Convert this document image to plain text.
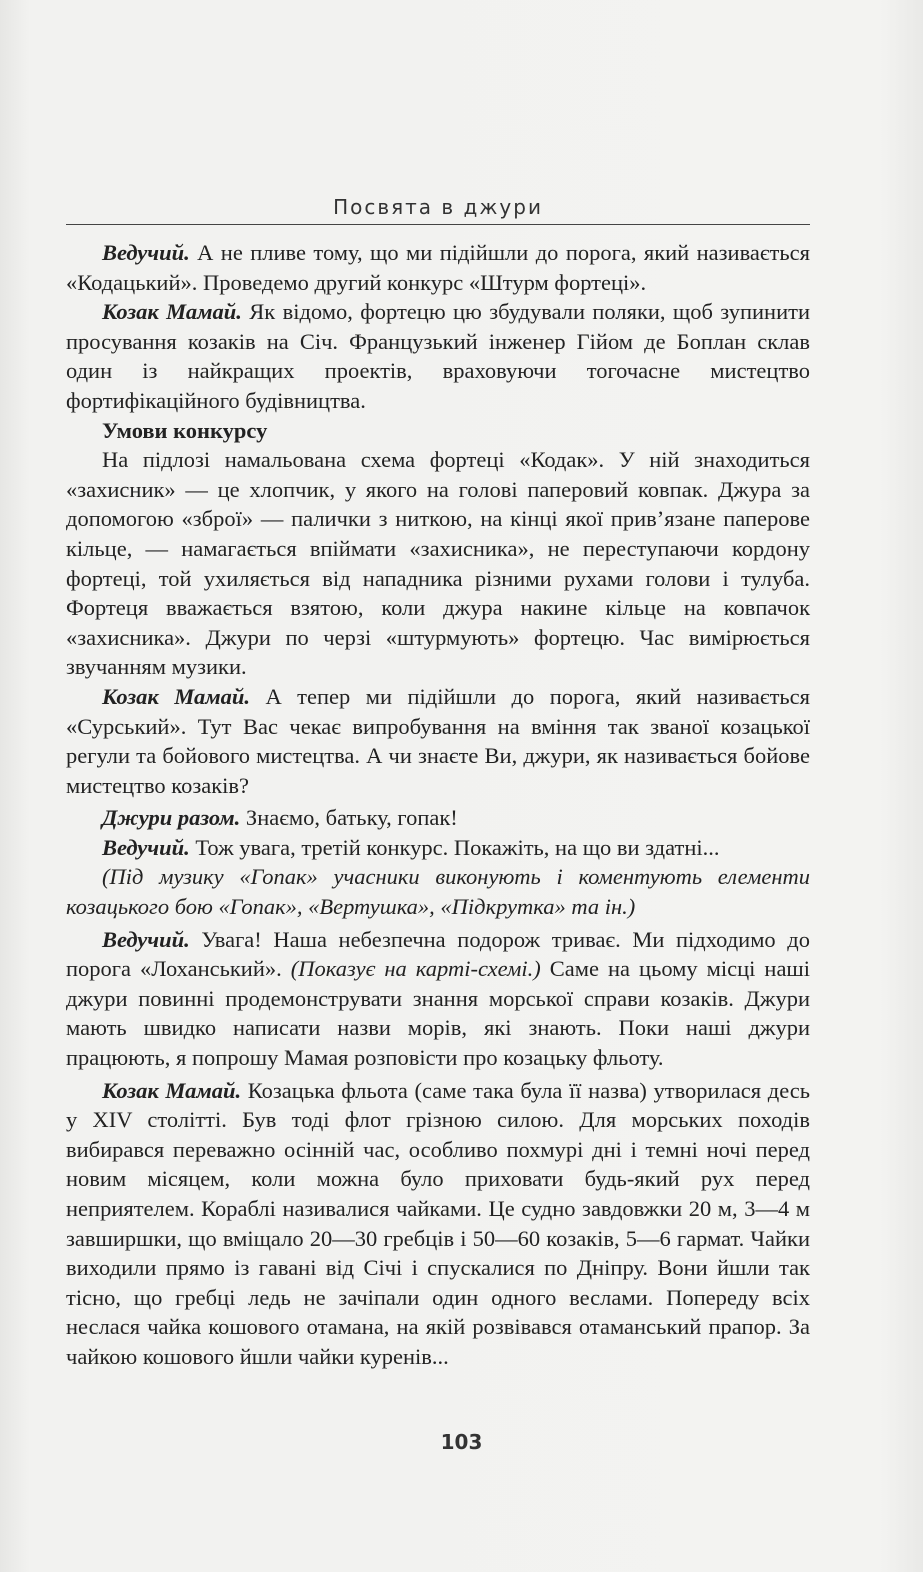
Посвята в джури

Ведучий. А не пливе тому, що ми підійшли до порога, який називається «Кодацький». Проведемо другий конкурс «Штурм фортеці».

Козак Мамай. Як відомо, фортецю цю збудували поляки, щоб зупинити просування козаків на Січ. Французький інженер Гійом де Боплан склав один із найкращих проектів, враховуючи тогочасне мистецтво фортифікаційного будівництва.

Умови конкурсу

На підлозі намальована схема фортеці «Кодак». У ній знаходиться «захисник» — це хлопчик, у якого на голові паперовий ковпак. Джура за допомогою «зброї» — палички з ниткою, на кінці якої прив’язане паперове кільце, — намагається впіймати «захисника», не переступаючи кордону фортеці, той ухиляється від нападника різними рухами голови і тулуба. Фортеця вважається взятою, коли джура накине кільце на ковпачок «захисника». Джури по черзі «штурмують» фортецю. Час вимірюється звучанням музики.

Козак Мамай. А тепер ми підійшли до порога, який називається «Сурський». Тут Вас чекає випробування на вміння так званої козацької регули та бойового мистецтва. А чи знаєте Ви, джури, як називається бойове мистецтво козаків?

Джури разом. Знаємо, батьку, гопак!

Ведучий. Тож увага, третій конкурс. Покажіть, на що ви здатні...

(Під музику «Гопак» учасники виконують і коментують елементи козацького бою «Гопак», «Вертушка», «Підкрутка» та ін.)

Ведучий. Увага! Наша небезпечна подорож триває. Ми підходимо до порога «Лоханський». (Показує на карті-схемі.) Саме на цьому місці наші джури повинні продемонструвати знання морської справи козаків. Джури мають швидко написати назви морів, які знають. Поки наші джури працюють, я попрошу Мамая розповісти про козацьку фльоту.

Козак Мамай. Козацька фльота (саме така була її назва) утворилася десь у XIV столітті. Був тоді флот грізною силою. Для морських походів вибирався переважно осінній час, особливо похмурі дні і темні ночі перед новим місяцем, коли можна було приховати будь-який рух перед неприятелем. Кораблі називалися чайками. Це судно завдовжки 20 м, 3—4 м завширшки, що вміщало 20—30 гребців і 50—60 козаків, 5—6 гармат. Чайки виходили прямо із гавані від Січі і спускалися по Дніпру. Вони йшли так тісно, що гребці ледь не зачіпали один одного веслами. Попереду всіх неслася чайка кошового отамана, на якій розвівався отаманський прапор. За чайкою кошового йшли чайки куренів...

103
